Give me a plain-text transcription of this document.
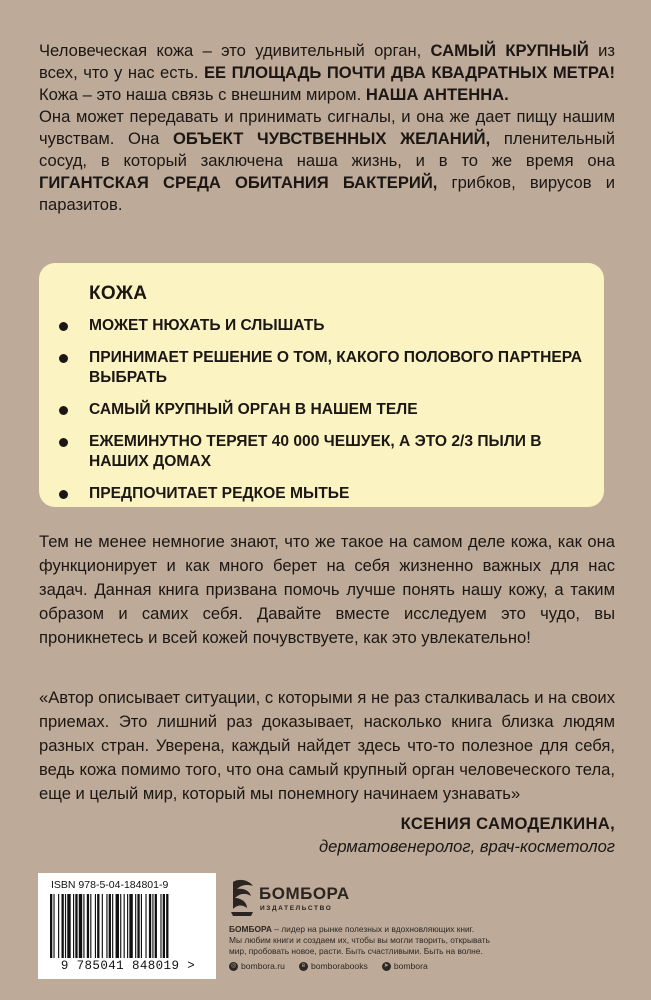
Человеческая кожа – это удивительный орган, САМЫЙ КРУПНЫЙ из всех, что у нас есть. ЕЕ ПЛОЩАДЬ ПОЧТИ ДВА КВАДРАТНЫХ МЕТРА! Кожа – это наша связь с внешним миром. НАША АНТЕННА.

Она может передавать и принимать сигналы, и она же дает пищу нашим чувствам. Она ОБЪЕКТ ЧУВСТВЕННЫХ ЖЕЛАНИЙ, пленительный сосуд, в который заключена наша жизнь, и в то же время она ГИГАНТСКАЯ СРЕДА ОБИТАНИЯ БАКТЕРИЙ, грибков, вирусов и паразитов.

КОЖА
МОЖЕТ НЮХАТЬ И СЛЫШАТЬ
ПРИНИМАЕТ РЕШЕНИЕ О ТОМ, КАКОГО ПОЛОВОГО ПАРТНЕРА ВЫБРАТЬ
САМЫЙ КРУПНЫЙ ОРГАН В НАШЕМ ТЕЛЕ
ЕЖЕМИНУТНО ТЕРЯЕТ 40 000 ЧЕШУЕК, А ЭТО 2/3 ПЫЛИ В НАШИХ ДОМАХ
ПРЕДПОЧИТАЕТ РЕДКОЕ МЫТЬЕ
Тем не менее немногие знают, что же такое на самом деле кожа, как она функционирует и как много берет на себя жизненно важных для нас задач. Данная книга призвана помочь лучше понять нашу кожу, а таким образом и самих себя. Давайте вместе исследуем это чудо, вы проникнетесь и всей кожей почувствуете, как это увлекательно!
«Автор описывает ситуации, с которыми я не раз сталкивалась и на своих приемах. Это лишний раз доказывает, насколько книга близка людям разных стран. Уверена, каждый найдет здесь что-то полезное для себя, ведь кожа помимо того, что она самый крупный орган человеческого тела, еще и целый мир, который мы понемногу начинаем узнавать»
КСЕНИЯ САМОДЕЛКИНА,
дерматовенеролог, врач-косметолог
ISBN 978-5-04-184801-9
9 785041 848019 >
БОМБОРА
ИЗДАТЕЛЬСТВО

БОМБОРА – лидер на рынке полезных и вдохновляющих книг.

Мы любим книги и создаем их, чтобы вы могли творить, открывать

мир, пробовать новое, расти. Быть счастливыми. Быть на волне.

◎ bombora.ru	в bomborabooks	➤ bombora
